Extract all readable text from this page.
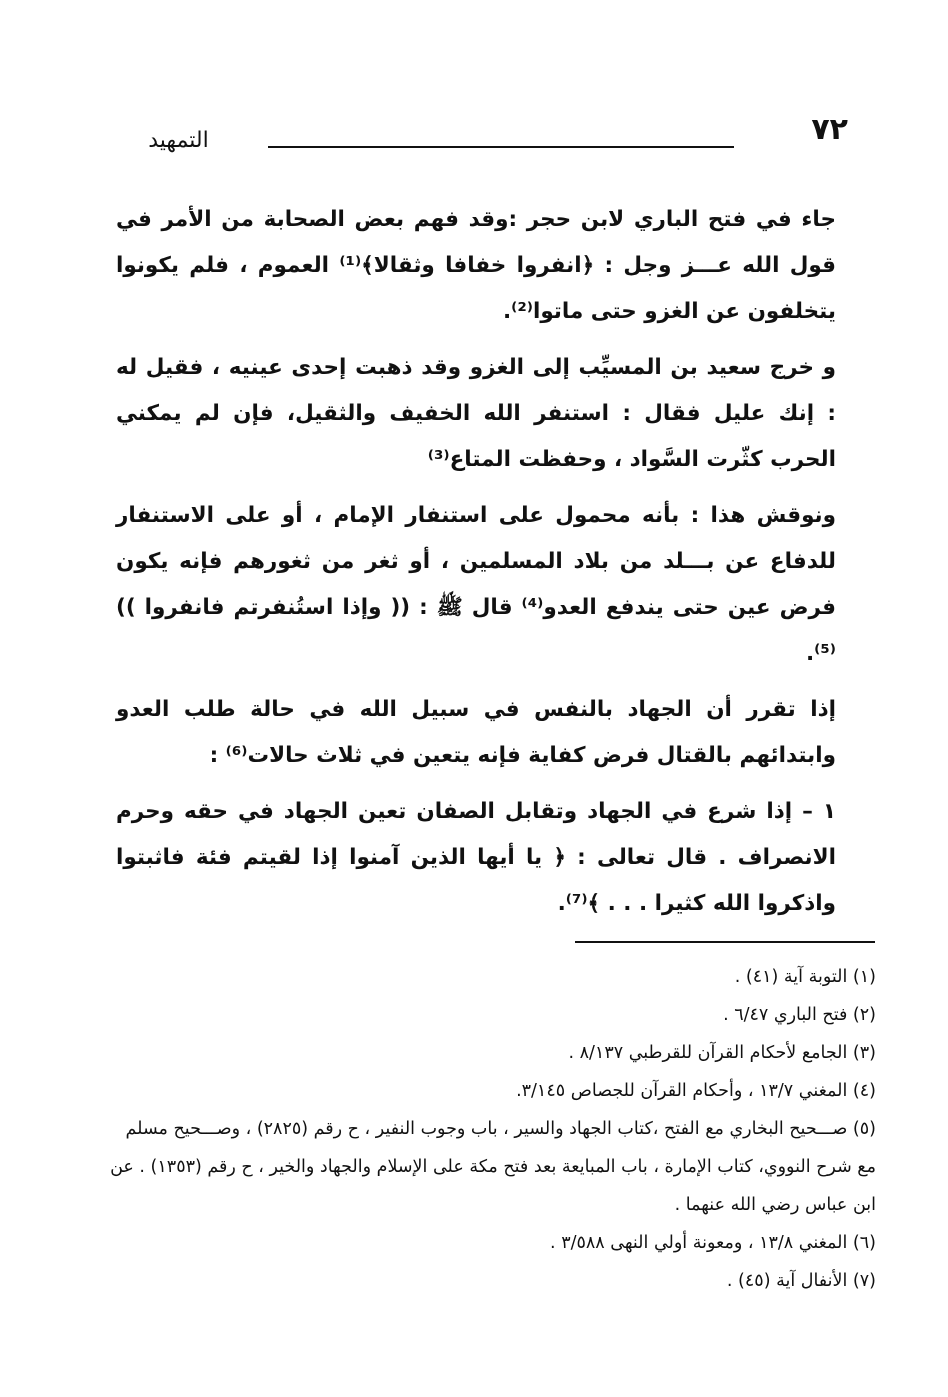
٧٢
التمهيد

جاء في فتح الباري لابن حجر :وقد فهم بعض الصحابة من الأمر في قول الله عـــز وجل : ﴿انفروا خفافا وثقالا﴾⁽¹⁾ العموم ، فلم يكونوا يتخلفون عن الغزو حتى ماتوا⁽²⁾.

و خرج سعيد بن المسيِّب إلى الغزو وقد ذهبت إحدى عينيه ، فقيل له : إنك عليل فقال : استنفر الله الخفيف والثقيل، فإن لم يمكني الحرب كثّرت السَّواد ، وحفظت المتاع⁽³⁾

ونوقش هذا : بأنه محمول على استنفار الإمام ، أو على الاستنفار للدفاع عن بـــلد من بلاد المسلمين ، أو ثغر من ثغورهم فإنه يكون فرض عين حتى يندفع العدو⁽⁴⁾ قال ﷺ : (( وإذا استُنفرتم فانفروا ))⁽⁵⁾.

إذا تقرر أن الجهاد بالنفس في سبيل الله في حالة طلب العدو وابتدائهم بالقتال فرض كفاية فإنه يتعين في ثلاث حالات⁽⁶⁾ :

١ – إذا شرع في الجهاد وتقابل الصفان تعين الجهاد في حقه وحرم الانصراف . قال تعالى : ﴿ يا أيها الذين آمنوا إذا لقيتم فئة فاثبتوا واذكروا الله كثيرا . . . ﴾⁽⁷⁾.

(١) التوبة آية (٤١) .

(٢) فتح الباري ٦/٤٧ .

(٣) الجامع لأحكام القرآن للقرطبي ٨/١٣٧ .

(٤) المغني ١٣/٧ ، وأحكام القرآن للجصاص ٣/١٤٥.

(٥) صـــحيح البخاري مع الفتح ،كتاب الجهاد والسير ، باب وجوب النفير ، ح رقم (٢٨٢٥) ، وصـــحيح مسلم مع شرح النووي، كتاب الإمارة ، باب المبايعة بعد فتح مكة على الإسلام والجهاد والخير ، ح رقم (١٣٥٣) . عن ابن عباس رضي الله عنهما .

(٦) المغني ١٣/٨ ، ومعونة أولي النهى ٣/٥٨٨ .

(٧) الأنفال آية (٤٥) .
